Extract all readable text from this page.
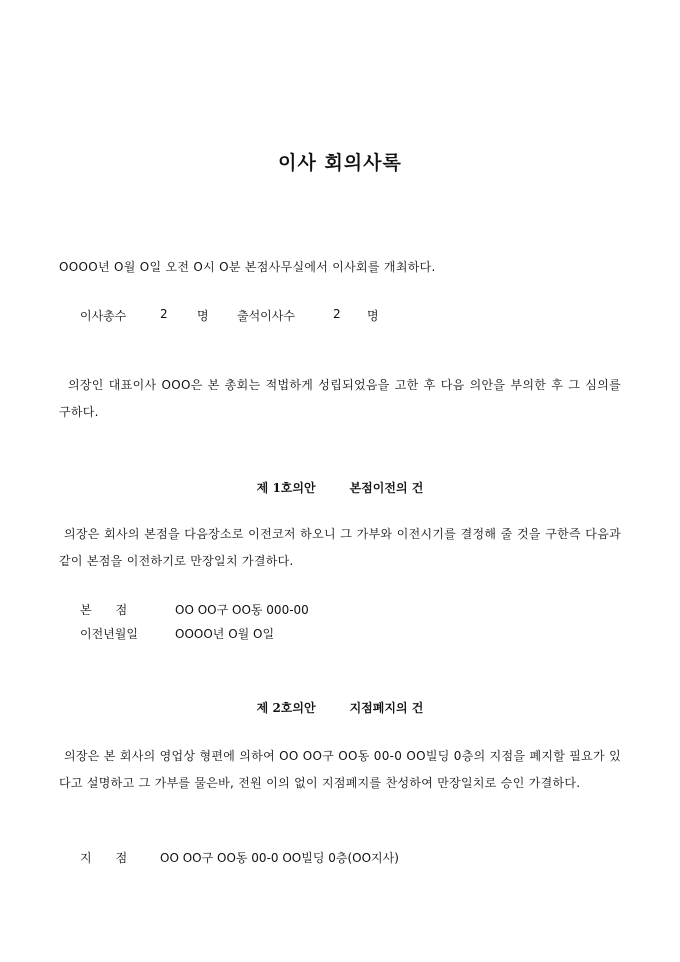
이사 회의사록
OOOO년 O월 O일 오전 O시 O분 본점사무실에서 이사회를 개최하다.
이사총수	2 명 출석이사수	2 명
의장인 대표이사 OOO은 본 총회는 적법하게 성립되었음을 고한 후 다음 의안을 부의한 후 그 심의를 구하다.
제 1호의안	본점이전의 건
의장은 회사의 본점을 다음장소로 이전코저 하오니 그 가부와 이전시기를 결정해 줄 것을 구한즉 다음과 같이 본점을 이전하기로 만장일치 가결하다.
본　　점	OO OO구 OO동 000-00
이전년월일	OOOO년 O월 O일
제 2호의안	지점폐지의 건
의장은 본 회사의 영업상 형편에 의하여 OO OO구 OO동 00-0 OO빌딩 0층의 지점을 폐지할 필요가 있다고 설명하고 그 가부를 물은바, 전원 이의 없이 지점폐지를 찬성하여 만장일치로 승인 가결하다.
지　　점	OO OO구 OO동 00-0 OO빌딩 0층(OO지사)
